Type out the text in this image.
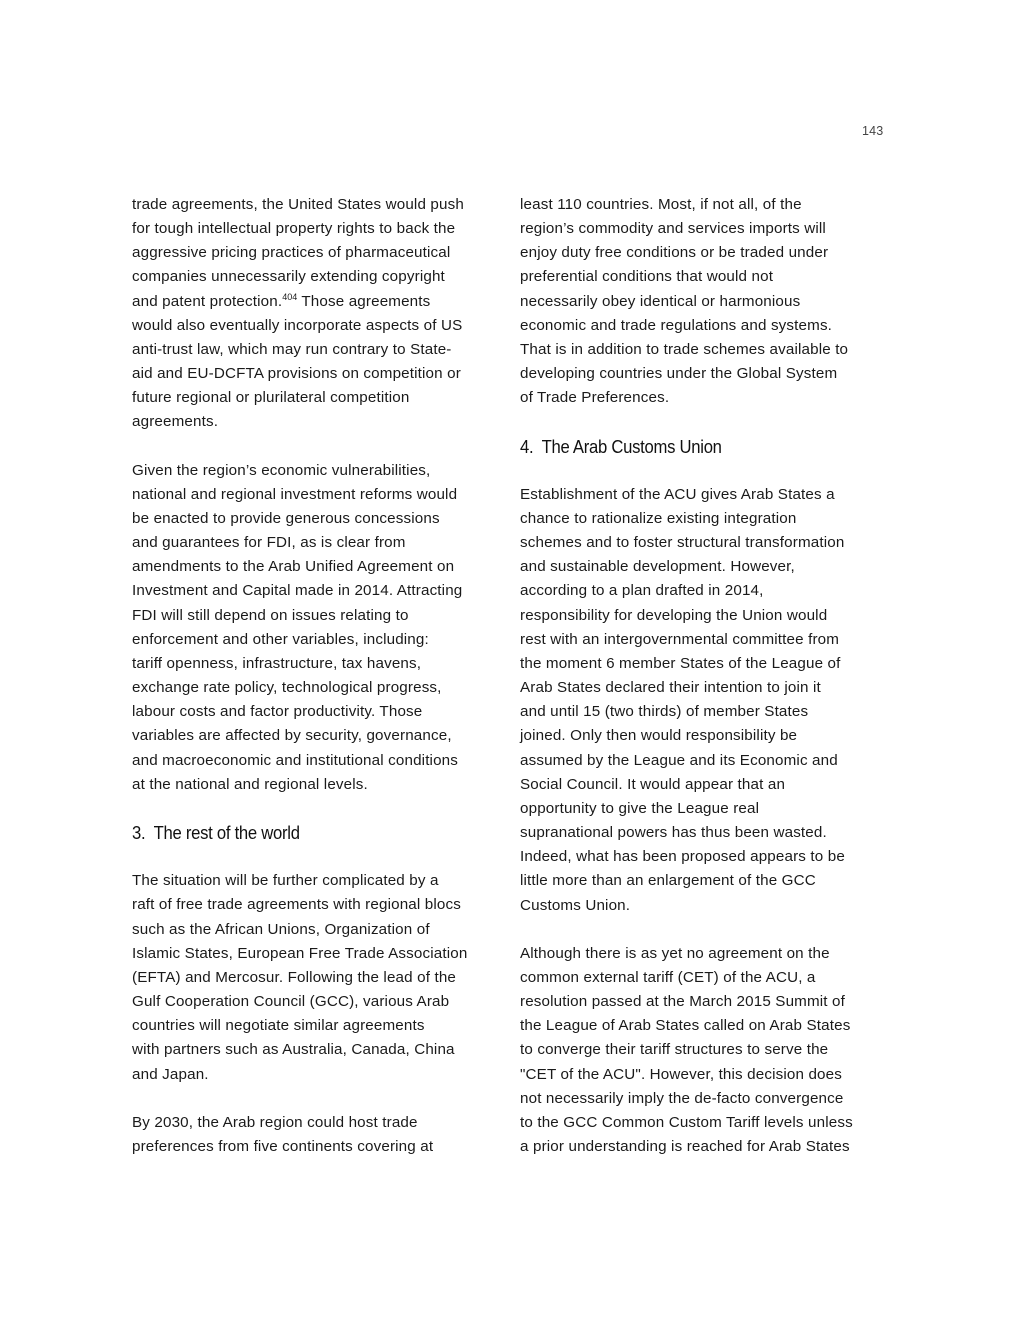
143

trade agreements, the United States would push
for tough intellectual property rights to back the
aggressive pricing practices of pharmaceutical
companies unnecessarily extending copyright
and patent protection.$^{404}$ Those agreements
would also eventually incorporate aspects of US
anti-trust law, which may run contrary to State-
aid and EU-DCFTA provisions on competition or
future regional or plurilateral competition
agreements.

Given the region’s economic vulnerabilities,
national and regional investment reforms would
be enacted to provide generous concessions
and guarantees for FDI, as is clear from
amendments to the Arab Unified Agreement on
Investment and Capital made in 2014. Attracting
FDI will still depend on issues relating to
enforcement and other variables, including:
tariff openness, infrastructure, tax havens,
exchange rate policy, technological progress,
labour costs and factor productivity. Those
variables are affected by security, governance,
and macroeconomic and institutional conditions
at the national and regional levels.

3. The rest of the world

The situation will be further complicated by a
raft of free trade agreements with regional blocs
such as the African Unions, Organization of
Islamic States, European Free Trade Association
(EFTA) and Mercosur. Following the lead of the
Gulf Cooperation Council (GCC), various Arab
countries will negotiate similar agreements
with partners such as Australia, Canada, China
and Japan.

By 2030, the Arab region could host trade
preferences from five continents covering at

least 110 countries. Most, if not all, of the
region’s commodity and services imports will
enjoy duty free conditions or be traded under
preferential conditions that would not
necessarily obey identical or harmonious
economic and trade regulations and systems.
That is in addition to trade schemes available to
developing countries under the Global System
of Trade Preferences.

4. The Arab Customs Union

Establishment of the ACU gives Arab States a
chance to rationalize existing integration
schemes and to foster structural transformation
and sustainable development. However,
according to a plan drafted in 2014,
responsibility for developing the Union would
rest with an intergovernmental committee from
the moment 6 member States of the League of
Arab States declared their intention to join it
and until 15 (two thirds) of member States
joined. Only then would responsibility be
assumed by the League and its Economic and
Social Council. It would appear that an
opportunity to give the League real
supranational powers has thus been wasted.
Indeed, what has been proposed appears to be
little more than an enlargement of the GCC
Customs Union.

Although there is as yet no agreement on the
common external tariff (CET) of the ACU, a
resolution passed at the March 2015 Summit of
the League of Arab States called on Arab States
to converge their tariff structures to serve the
"CET of the ACU". However, this decision does
not necessarily imply the de-facto convergence
to the GCC Common Custom Tariff levels unless
a prior understanding is reached for Arab States
